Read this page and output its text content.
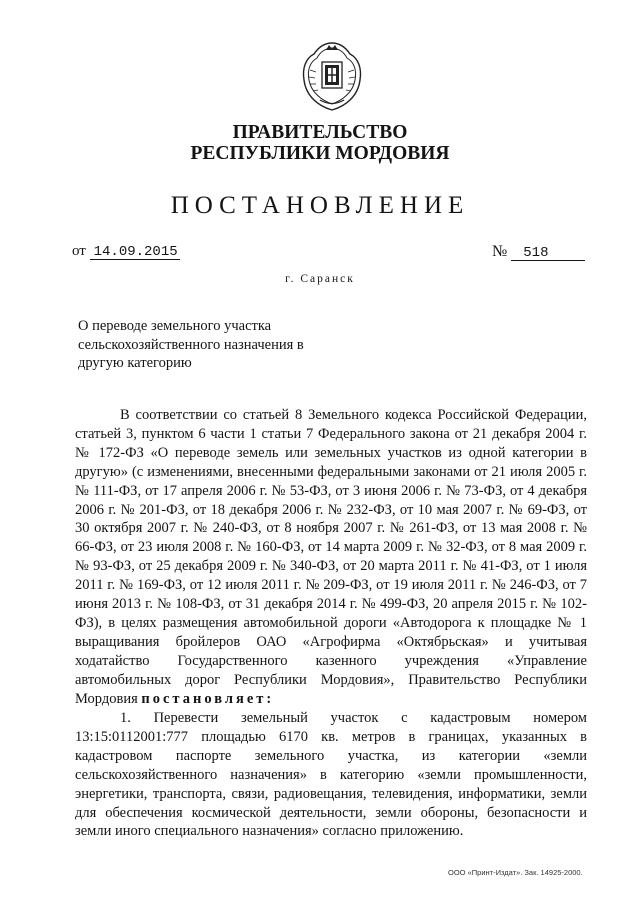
ПРАВИТЕЛЬСТВО
РЕСПУБЛИКИ МОРДОВИЯ
ПОСТАНОВЛЕНИЕ
от 14.09.2015	№ 518
г. Саранск
О переводе земельного участка сельскохозяйственного назначения в другую категорию
В соответствии со статьей 8 Земельного кодекса Российской Федерации, статьей 3, пунктом 6 части 1 статьи 7 Федерального закона от 21 декабря 2004 г. № 172-ФЗ «О переводе земель или земельных участков из одной категории в другую» (с изменениями, внесенными федеральными законами от 21 июля 2005 г. № 111-ФЗ, от 17 апреля 2006 г. № 53-ФЗ, от 3 июня 2006 г. № 73-ФЗ, от 4 декабря 2006 г. № 201-ФЗ, от 18 декабря 2006 г. № 232-ФЗ, от 10 мая 2007 г. № 69-ФЗ, от 30 октября 2007 г. № 240-ФЗ, от 8 ноября 2007 г. № 261-ФЗ, от 13 мая 2008 г. № 66-ФЗ, от 23 июля 2008 г. № 160-ФЗ, от 14 марта 2009 г. № 32-ФЗ, от 8 мая 2009 г. № 93-ФЗ, от 25 декабря 2009 г. № 340-ФЗ, от 20 марта 2011 г. № 41-ФЗ, от 1 июля 2011 г. № 169-ФЗ, от 12 июля 2011 г. № 209-ФЗ, от 19 июля 2011 г. № 246-ФЗ, от 7 июня 2013 г. № 108-ФЗ, от 31 декабря 2014 г. № 499-ФЗ, 20 апреля 2015 г. № 102-ФЗ), в целях размещения автомобильной дороги «Автодорога к площадке № 1 выращивания бройлеров ОАО «Агрофирма «Октябрьская» и учитывая ходатайство Государственного казенного учреждения «Управление автомобильных дорог Республики Мордовия», Правительство Республики Мордовия постановляет:
1. Перевести земельный участок с кадастровым номером 13:15:0112001:777 площадью 6170 кв. метров в границах, указанных в кадастровом паспорте земельного участка, из категории «земли сельскохозяйственного назначения» в категорию «земли промышленности, энергетики, транспорта, связи, радиовещания, телевидения, информатики, земли для обеспечения космической деятельности, земли обороны, безопасности и земли иного специального назначения» согласно приложению.
ООО «Принт-Издат». Зак. 14925-2000.
